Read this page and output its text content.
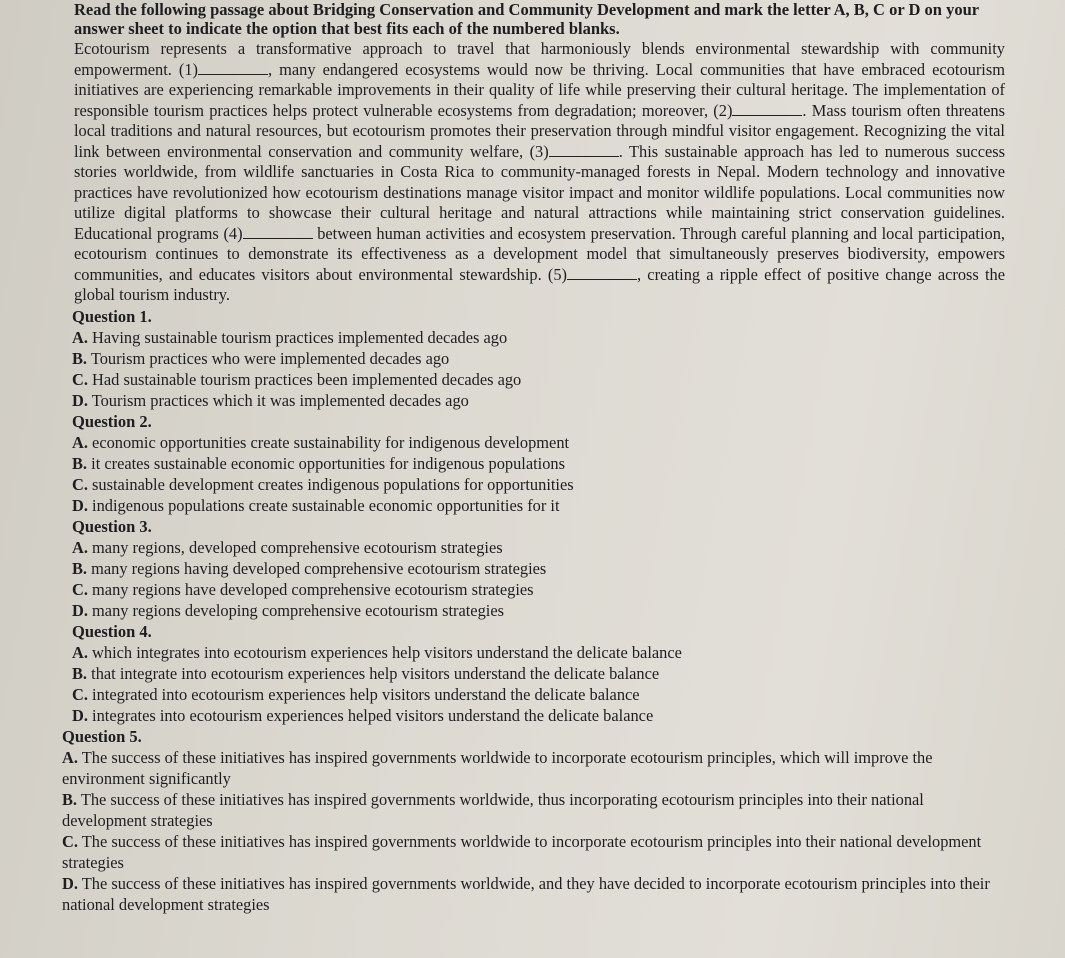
Read the following passage about Bridging Conservation and Community Development and mark the letter A, B, C or D on your answer sheet to indicate the option that best fits each of the numbered blanks.
Ecotourism represents a transformative approach to travel that harmoniously blends environmental stewardship with community empowerment. (1)	, many endangered ecosystems would now be thriving. Local communities that have embraced ecotourism initiatives are experiencing remarkable improvements in their quality of life while preserving their cultural heritage. The implementation of responsible tourism practices helps protect vulnerable ecosystems from degradation; moreover, (2)	. Mass tourism often threatens local traditions and natural resources, but ecotourism promotes their preservation through mindful visitor engagement. Recognizing the vital link between environmental conservation and community welfare, (3)	. This sustainable approach has led to numerous success stories worldwide, from wildlife sanctuaries in Costa Rica to community-managed forests in Nepal. Modern technology and innovative practices have revolutionized how ecotourism destinations manage visitor impact and monitor wildlife populations. Local communities now utilize digital platforms to showcase their cultural heritage and natural attractions while maintaining strict conservation guidelines. Educational programs (4)	between human activities and ecosystem preservation. Through careful planning and local participation, ecotourism continues to demonstrate its effectiveness as a development model that simultaneously preserves biodiversity, empowers communities, and educates visitors about environmental stewardship. (5)	, creating a ripple effect of positive change across the global tourism industry.
Question 1.
A. Having sustainable tourism practices implemented decades ago
B. Tourism practices who were implemented decades ago
C. Had sustainable tourism practices been implemented decades ago
D. Tourism practices which it was implemented decades ago
Question 2.
A. economic opportunities create sustainability for indigenous development
B. it creates sustainable economic opportunities for indigenous populations
C. sustainable development creates indigenous populations for opportunities
D. indigenous populations create sustainable economic opportunities for it
Question 3.
A. many regions, developed comprehensive ecotourism strategies
B. many regions having developed comprehensive ecotourism strategies
C. many regions have developed comprehensive ecotourism strategies
D. many regions developing comprehensive ecotourism strategies
Question 4.
A. which integrates into ecotourism experiences help visitors understand the delicate balance
B. that integrate into ecotourism experiences help visitors understand the delicate balance
C. integrated into ecotourism experiences help visitors understand the delicate balance
D. integrates into ecotourism experiences helped visitors understand the delicate balance
Question 5.
A. The success of these initiatives has inspired governments worldwide to incorporate ecotourism principles, which will improve the environment significantly
B. The success of these initiatives has inspired governments worldwide, thus incorporating ecotourism principles into their national development strategies
C. The success of these initiatives has inspired governments worldwide to incorporate ecotourism principles into their national development strategies
D. The success of these initiatives has inspired governments worldwide, and they have decided to incorporate ecotourism principles into their national development strategies
